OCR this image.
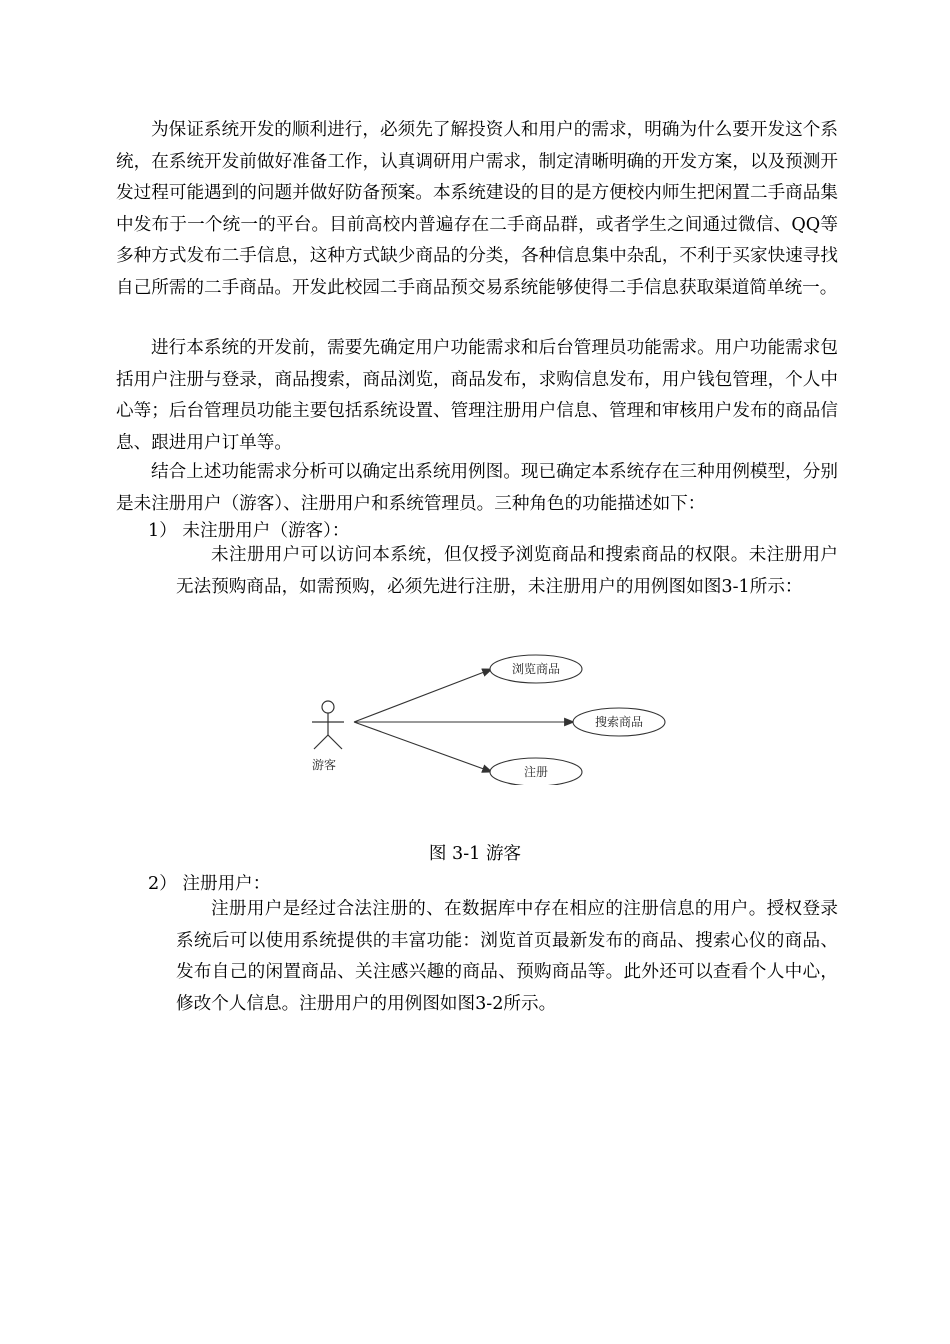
为保证系统开发的顺利进行，必须先了解投资人和用户的需求，明确为什么要开发这个系统，在系统开发前做好准备工作，认真调研用户需求，制定清晰明确的开发方案，以及预测开发过程可能遇到的问题并做好防备预案。本系统建设的目的是方便校内师生把闲置二手商品集中发布于一个统一的平台。目前高校内普遍存在二手商品群，或者学生之间通过微信、QQ等多种方式发布二手信息，这种方式缺少商品的分类，各种信息集中杂乱，不利于买家快速寻找自己所需的二手商品。开发此校园二手商品预交易系统能够使得二手信息获取渠道简单统一。

进行本系统的开发前，需要先确定用户功能需求和后台管理员功能需求。用户功能需求包括用户注册与登录，商品搜索，商品浏览，商品发布，求购信息发布，用户钱包管理，个人中心等；后台管理员功能主要包括系统设置、管理注册用户信息、管理和审核用户发布的商品信息、跟进用户订单等。

结合上述功能需求分析可以确定出系统用例图。现已确定本系统存在三种用例模型，分别是未注册用户（游客）、注册用户和系统管理员。三种角色的功能描述如下：

1） 未注册用户（游客）：

未注册用户可以访问本系统，但仅授予浏览商品和搜索商品的权限。未注册用户无法预购商品，如需预购，必须先进行注册，未注册用户的用例图如图3-1所示：

游客
浏览商品
搜索商品
注册
图 3-1 游客
2） 注册用户：

注册用户是经过合法注册的、在数据库中存在相应的注册信息的用户。授权登录系统后可以使用系统提供的丰富功能：浏览首页最新发布的商品、搜索心仪的商品、发布自己的闲置商品、关注感兴趣的商品、预购商品等。此外还可以查看个人中心，修改个人信息。注册用户的用例图如图3-2所示。
